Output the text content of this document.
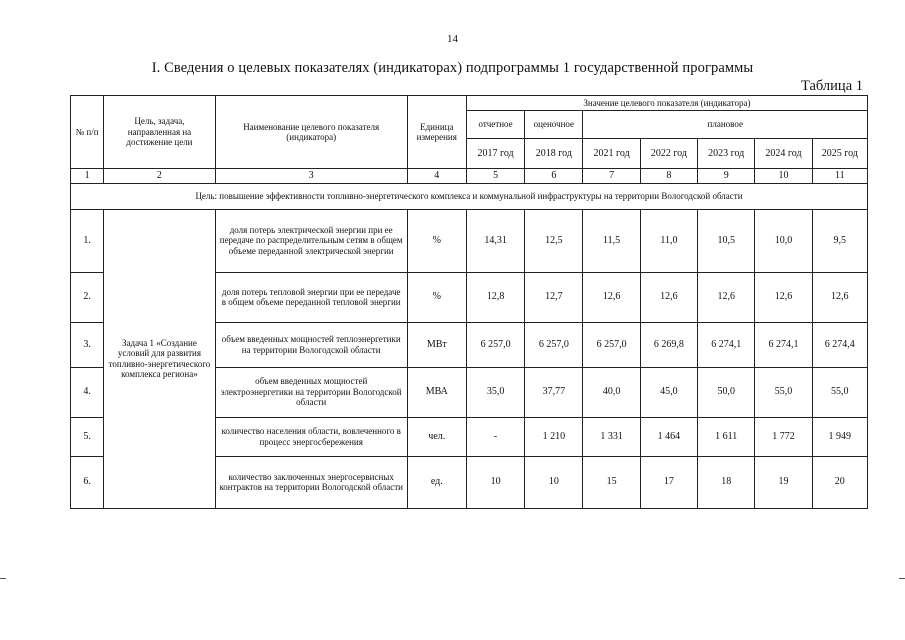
14
I. Сведения о целевых показателях (индикаторах) подпрограммы 1 государственной программы
Таблица 1
№ п/п	Цель, задача, направленная на достижение цели	Наименование целевого показателя (индикатора)	Единица измерения	Значение целевого показателя (индикатора)						
				отчетное	оценочное	плановое				
				2017 год	2018 год	2021 год	2022 год	2023 год	2024 год	2025 год
1	2	3	4	5	6	7	8	9	10	11
Цель: повышение эффективности топливно-энергетического комплекса и коммунальной инфраструктуры на территории Вологодской области										
1.	Задача 1 «Создание условий для развития топливно-энергетического комплекса региона»	доля потерь электрической энергии при ее передаче по распределительным сетям в общем объеме переданной электрической энергии	%	14,31	12,5	11,5	11,0	10,5	10,0	9,5
2.		доля потерь тепловой энергии при ее передаче в общем объеме переданной тепловой энергии	%	12,8	12,7	12,6	12,6	12,6	12,6	12,6
3.		объем введенных мощностей теплоэнергетики на территории Вологодской области	МВт	6 257,0	6 257,0	6 257,0	6 269,8	6 274,1	6 274,1	6 274,4
4.		объем введенных мощностей электроэнергетики на территории Вологодской области	МВА	35,0	37,77	40,0	45,0	50,0	55,0	55,0
5.		количество населения области, вовлеченного в процесс энергосбережения	чел.	-	1 210	1 331	1 464	1 611	1 772	1 949
6.		количество заключенных энергосервисных контрактов на территории Вологодской области	ед.	10	10	15	17	18	19	20
